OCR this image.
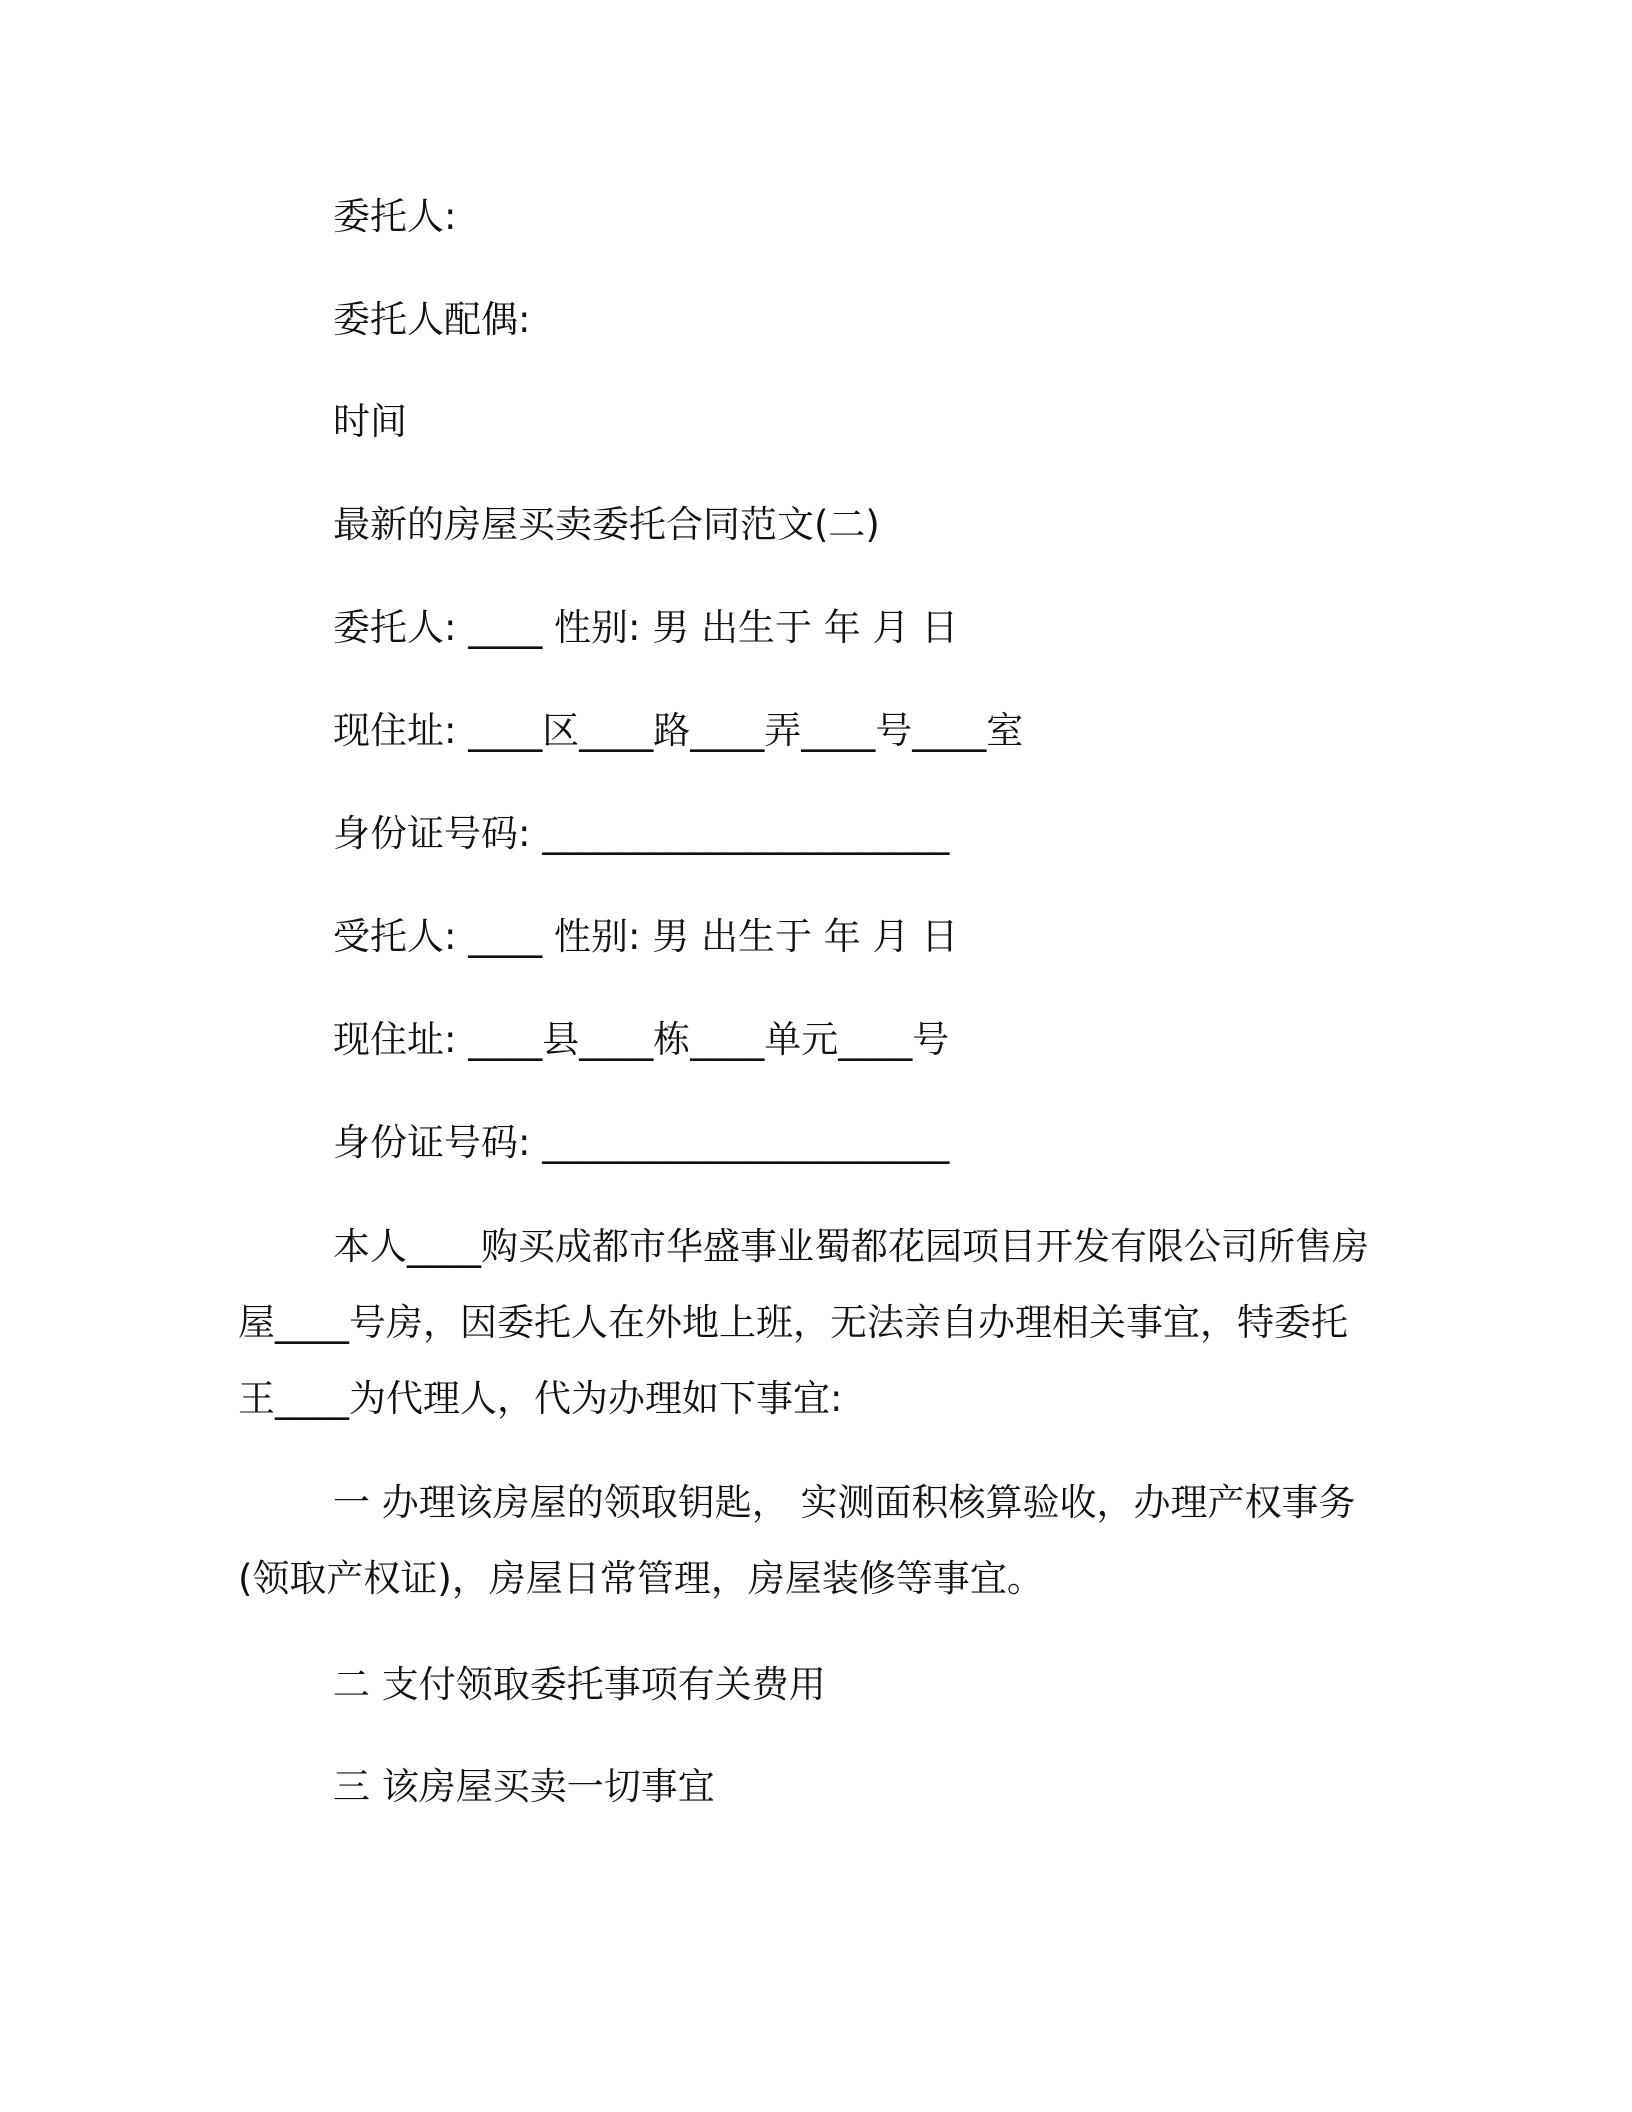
委托人:
委托人配偶:
时间
最新的房屋买卖委托合同范文(二)
委托人: ____ 性别: 男 出生于 年 月 日
现住址: ____区____路____弄____号____室
身份证号码: ______________________
受托人: ____ 性别: 男 出生于 年 月 日
现住址: ____县____栋____单元____号
身份证号码: ______________________
本人____购买成都市华盛事业蜀都花园项目开发有限公司所售房
屋____号房，因委托人在外地上班，无法亲自办理相关事宜，特委托
王____为代理人，代为办理如下事宜:
一 办理该房屋的领取钥匙， 实测面积核算验收，办理产权事务
(领取产权证)，房屋日常管理，房屋装修等事宜。
二 支付领取委托事项有关费用
三 该房屋买卖一切事宜
